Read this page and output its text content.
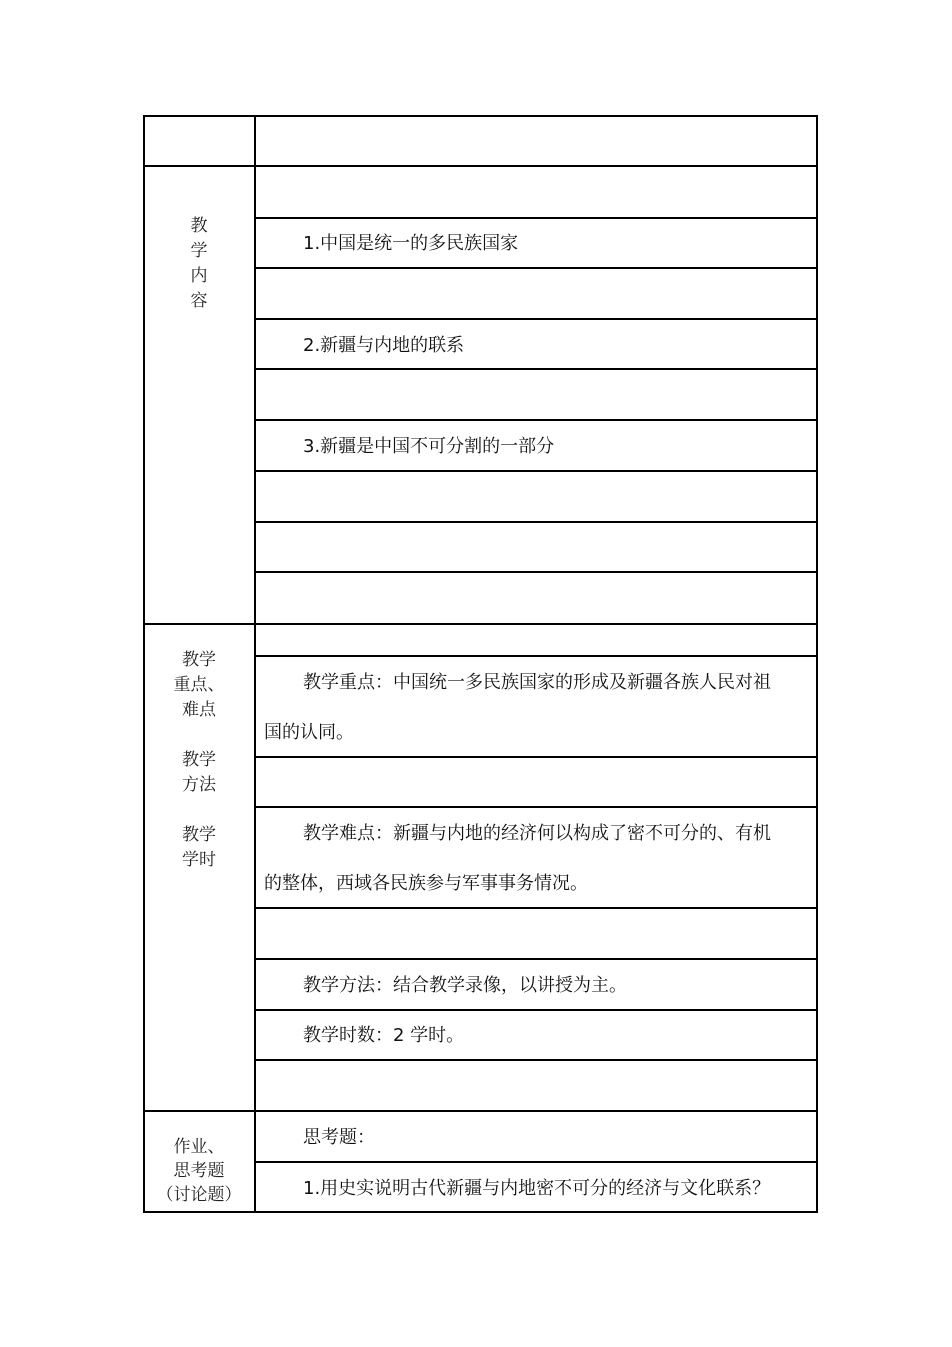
教
学
内
容
教学
重点、
难点

教学
方法

教学
学时
作业、
思考题
（讨论题）
1.中国是统一的多民族国家
2.新疆与内地的联系
3.新疆是中国不可分割的一部分
教学重点：中国统一多民族国家的形成及新疆各族人民对祖
国的认同。
教学难点：新疆与内地的经济何以构成了密不可分的、有机
的整体，西域各民族参与军事事务情况。
教学方法：结合教学录像，以讲授为主。
教学时数：2 学时。
思考题：
1.用史实说明古代新疆与内地密不可分的经济与文化联系？
